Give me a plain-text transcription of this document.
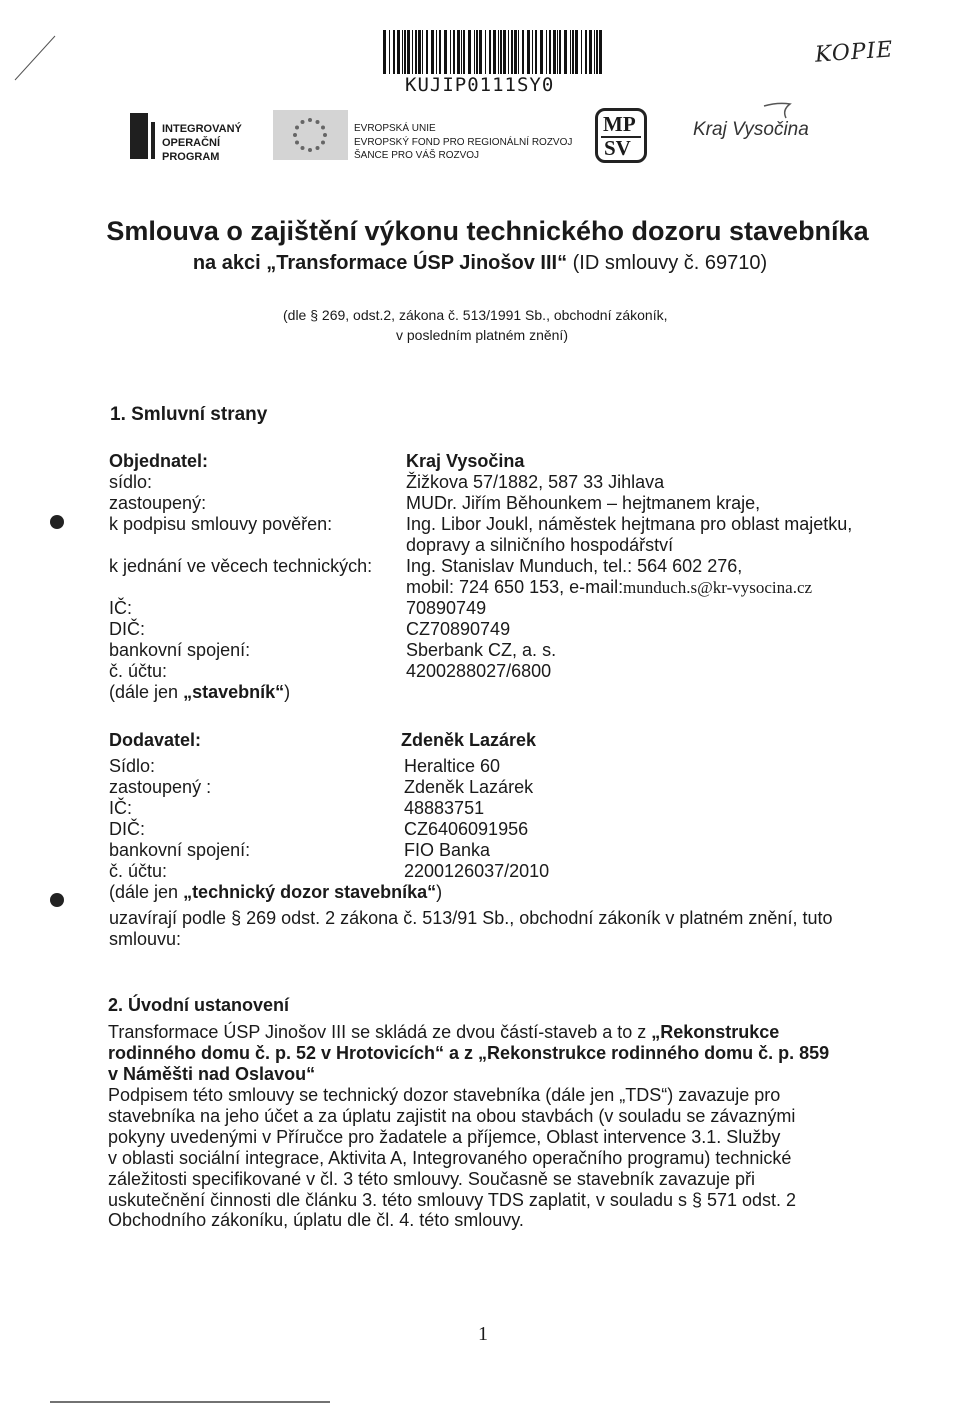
KUJIP0111SY0
KOPIE
INTEGROVANÝ
OPERAČNÍ
PROGRAM
EVROPSKÁ UNIE
EVROPSKÝ FOND PRO REGIONÁLNÍ ROZVOJ
ŠANCE PRO VÁŠ ROZVOJ
MP
SV
Kraj Vysočina
Smlouva o zajištění výkonu technického dozoru stavebníka
na akci „Transformace ÚSP Jinošov III“ (ID smlouvy č. 69710)
(dle § 269, odst.2, zákona č. 513/1991 Sb., obchodní zákoník,
v posledním platném znění)
1. Smluvní strany
Objednatel:	Kraj Vysočina
sídlo:	Žižkova 57/1882, 587 33 Jihlava
zastoupený:	MUDr. Jiřím Běhounkem – hejtmanem kraje,
k podpisu smlouvy pověřen:	Ing. Libor Joukl, náměstek hejtmana pro oblast majetku,
dopravy a silničního hospodářství
k jednání ve věcech technických: Ing. Stanislav Munduch, tel.: 564 602 276,
mobil: 724 650 153, e-mail: munduch.s@kr-vysocina.cz
IČ:	70890749
DIČ:	CZ70890749
bankovní spojení:	Sberbank CZ, a. s.
č. účtu:	4200288027/6800
(dále jen „stavebník“)
Dodavatel:	Zdeněk Lazárek
Sídlo:	Heraltice 60
zastoupený :	Zdeněk Lazárek
IČ:	48883751
DIČ:	CZ6406091956
bankovní spojení:	FIO Banka
č. účtu:	2200126037/2010
(dále jen „technický dozor stavebníka“)
uzavírají podle § 269 odst. 2 zákona č. 513/91 Sb., obchodní zákoník v platném znění, tuto
smlouvu:
2. Úvodní ustanovení
Transformace ÚSP Jinošov III se skládá ze dvou částí-staveb a to z „Rekonstrukce
rodinného domu č. p. 52 v Hrotovicích“ a z „Rekonstrukce rodinného domu č. p. 859
v Náměšti nad Oslavou“
Podpisem této smlouvy se technický dozor stavebníka (dále jen „TDS“) zavazuje pro
stavebníka na jeho účet a za úplatu zajistit na obou stavbách (v souladu se závaznými
pokyny uvedenými v Příručce pro žadatele a příjemce, Oblast intervence 3.1. Služby
v oblasti sociální integrace, Aktivita A, Integrovaného operačního programu) technické
záležitosti specifikované v čl. 3 této smlouvy. Současně se stavebník zavazuje při
uskutečnění činnosti dle článku 3. této smlouvy TDS zaplatit, v souladu s § 571 odst. 2
Obchodního zákoníku, úplatu dle čl. 4. této smlouvy.
1
